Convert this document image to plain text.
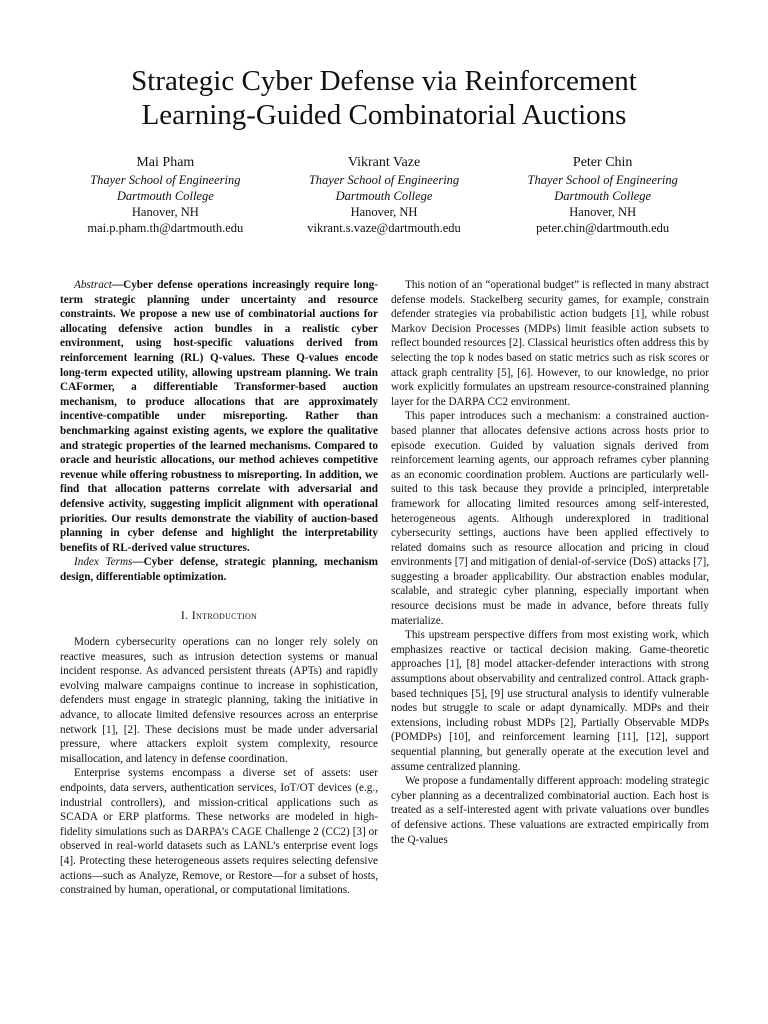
Strategic Cyber Defense via Reinforcement
Learning-Guided Combinatorial Auctions
Mai Pham
Thayer School of Engineering
Dartmouth College
Hanover, NH
mai.p.pham.th@dartmouth.edu
Vikrant Vaze
Thayer School of Engineering
Dartmouth College
Hanover, NH
vikrant.s.vaze@dartmouth.edu
Peter Chin
Thayer School of Engineering
Dartmouth College
Hanover, NH
peter.chin@dartmouth.edu

Abstract—Cyber defense operations increasingly require long-term strategic planning under uncertainty and resource constraints. We propose a new use of combinatorial auctions for allocating defensive action bundles in a realistic cyber environment, using host-specific valuations derived from reinforcement learning (RL) Q-values. These Q-values encode long-term expected utility, allowing upstream planning. We train CAFormer, a differentiable Transformer-based auction mechanism, to produce allocations that are approximately incentive-compatible under misreporting. Rather than benchmarking against existing agents, we explore the qualitative and strategic properties of the learned mechanisms. Compared to oracle and heuristic allocations, our method achieves competitive revenue while offering robustness to misreporting. In addition, we find that allocation patterns correlate with adversarial and defensive activity, suggesting implicit alignment with operational priorities. Our results demonstrate the viability of auction-based planning in cyber defense and highlight the interpretability benefits of RL-derived value structures.

Index Terms—Cyber defense, strategic planning, mechanism design, differentiable optimization.

I. Introduction

Modern cybersecurity operations can no longer rely solely on reactive measures, such as intrusion detection systems or manual incident response. As advanced persistent threats (APTs) and rapidly evolving malware campaigns continue to increase in sophistication, defenders must engage in strategic planning, taking the initiative in advance, to allocate limited defensive resources across an enterprise network [1], [2]. These decisions must be made under adversarial pressure, where attackers exploit system complexity, resource misallocation, and latency in defense coordination.

Enterprise systems encompass a diverse set of assets: user endpoints, data servers, authentication services, IoT/OT devices (e.g., industrial controllers), and mission-critical applications such as SCADA or ERP platforms. These networks are modeled in high-fidelity simulations such as DARPA’s CAGE Challenge 2 (CC2) [3] or observed in real-world datasets such as LANL’s enterprise event logs [4]. Protecting these heterogeneous assets requires selecting defensive actions—such as Analyze, Remove, or Restore—for a subset of hosts, constrained by human, operational, or computational limitations.

This notion of an “operational budget” is reflected in many abstract defense models. Stackelberg security games, for example, constrain defender strategies via probabilistic action budgets [1], while robust Markov Decision Processes (MDPs) limit feasible action subsets to reflect bounded resources [2]. Classical heuristics often address this by selecting the top k nodes based on static metrics such as risk scores or attack graph centrality [5], [6]. However, to our knowledge, no prior work explicitly formulates an upstream resource-constrained planning layer for the DARPA CC2 environment.

This paper introduces such a mechanism: a constrained auction-based planner that allocates defensive actions across hosts prior to episode execution. Guided by valuation signals derived from reinforcement learning agents, our approach reframes cyber planning as an economic coordination problem. Auctions are particularly well-suited to this task because they provide a principled, interpretable framework for allocating limited resources among self-interested, heterogeneous agents. Although underexplored in traditional cybersecurity settings, auctions have been applied effectively to related domains such as resource allocation and pricing in cloud environments [7] and mitigation of denial-of-service (DoS) attacks [7], suggesting a broader applicability. Our abstraction enables modular, scalable, and strategic cyber planning, especially important when resource decisions must be made in advance, before threats fully materialize.

This upstream perspective differs from most existing work, which emphasizes reactive or tactical decision making. Game-theoretic approaches [1], [8] model attacker-defender interactions with strong assumptions about observability and centralized control. Attack graph-based techniques [5], [9] use structural analysis to identify vulnerable nodes but struggle to scale or adapt dynamically. MDPs and their extensions, including robust MDPs [2], Partially Observable MDPs (POMDPs) [10], and reinforcement learning [11], [12], support sequential planning, but generally operate at the execution level and assume centralized planning.

We propose a fundamentally different approach: modeling strategic cyber planning as a decentralized combinatorial auction. Each host is treated as a self-interested agent with private valuations over bundles of defensive actions. These valuations are extracted empirically from the Q-values
